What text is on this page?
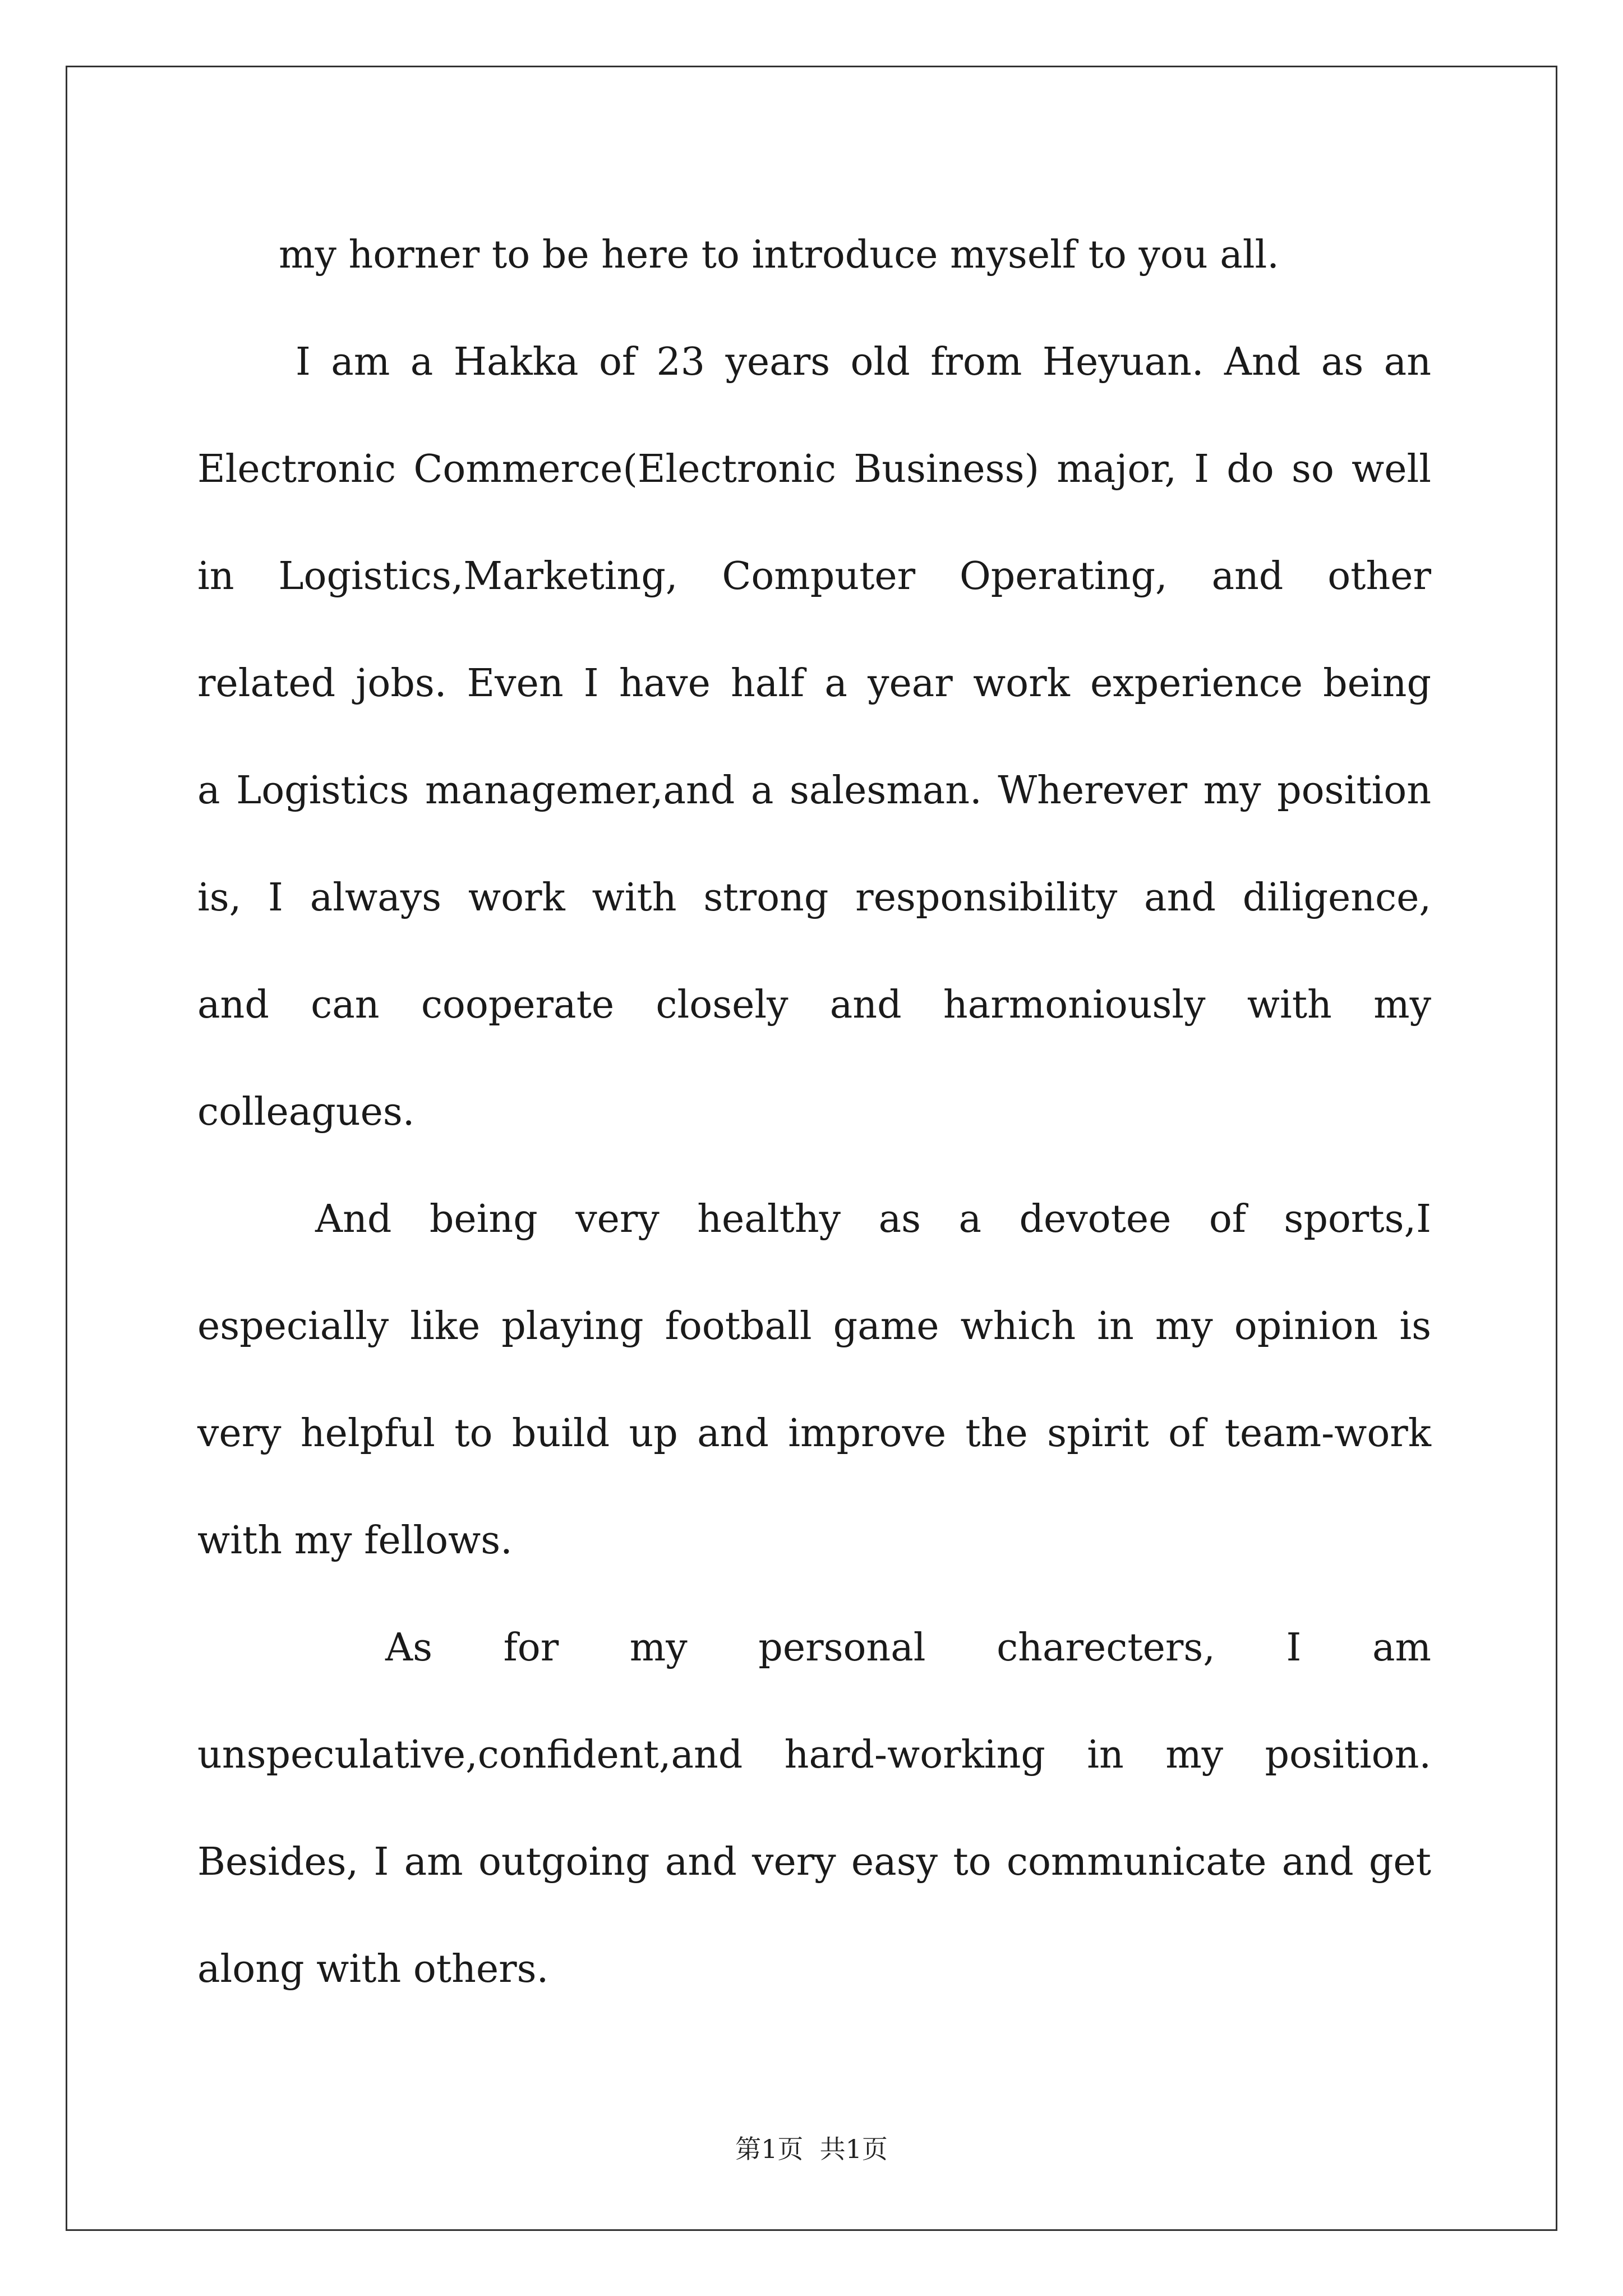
my horner to be here to introduce myself to you all.
I am a Hakka of 23 years old from Heyuan. And as an
Electronic Commerce(Electronic Business) major, I do so well
in Logistics,Marketing, Computer Operating, and other
related jobs. Even I have half a year work experience being
a Logistics managemer,and a salesman. Wherever my position
is, I always work with strong responsibility and diligence,
and can cooperate closely and harmoniously with my
colleagues.
And being very healthy as a devotee of sports,I
especially like playing football game which in my opinion is
very helpful to build up and improve the spirit of team-work
with my fellows.
As for my personal charecters, I am
unspeculative,confident,and hard-working in my position.
Besides, I am outgoing and very easy to communicate and get
along with others.
第1页  共1页
